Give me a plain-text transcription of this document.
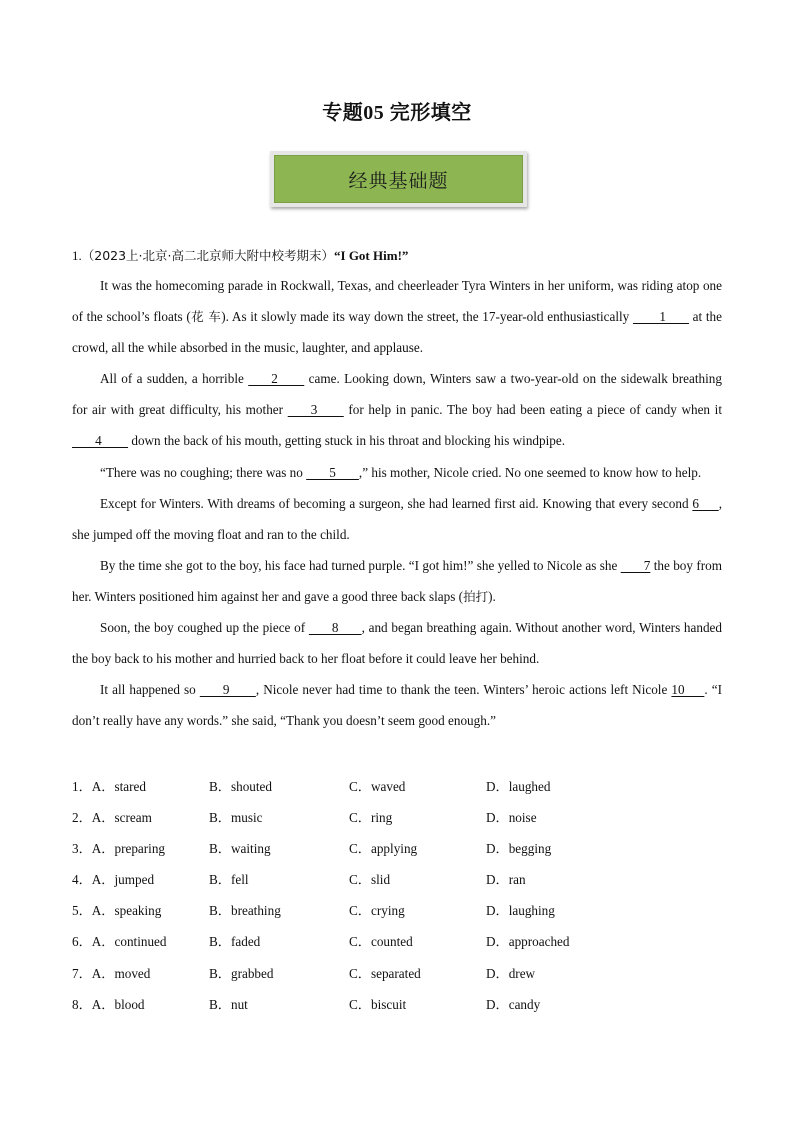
专题05 完形填空
经典基础题
1.（2023上·北京·高二北京师大附中校考期末）“I Got Him!”

It was the homecoming parade in Rockwall, Texas, and cheerleader Tyra Winters in her uniform, was riding atop one of the school’s floats (花 车). As it slowly made its way down the street, the 17-year-old enthusiastically         1        at the crowd, all the while absorbed in the music, laughter, and applause.

All of a sudden, a horrible        2         came. Looking down, Winters saw a two-year-old on the sidewalk breathing for air with great difficulty, his mother        3         for help in panic. The boy had been eating a piece of candy when it        4         down the back of his mouth, getting stuck in his throat and blocking his windpipe.

“There was no coughing; there was no        5       ,” his mother, Nicole cried. No one seemed to know how to help.

Except for Winters. With dreams of becoming a surgeon, she had learned first aid. Knowing that every second 6      , she jumped off the moving float and ran to the child.

By the time she got to the boy, his face had turned purple. “I got him!” she yelled to Nicole as she        7 the boy from her. Winters positioned him against her and gave a good three back slaps (拍打).

Soon, the boy coughed up the piece of        8       , and began breathing again. Without another word, Winters handed the boy back to his mother and hurried back to her float before it could leave her behind.

It all happened so        9        , Nicole never had time to thank the teen. Winters’ heroic actions left Nicole 10      . “I don’t really have any words.” she said, “Thank you doesn’t seem good enough.”

1．A．stared	B．shouted	C．waved	D．laughed
2．A．scream	B．music	C．ring	D．noise
3．A．preparing	B．waiting	C．applying	D．begging
4．A．jumped	B．fell	C．slid	D．ran
5．A．speaking	B．breathing	C．crying	D．laughing
6．A．continued	B．faded	C．counted	D．approached
7．A．moved	B．grabbed	C．separated	D．drew
8．A．blood	B．nut	C．biscuit	D．candy
